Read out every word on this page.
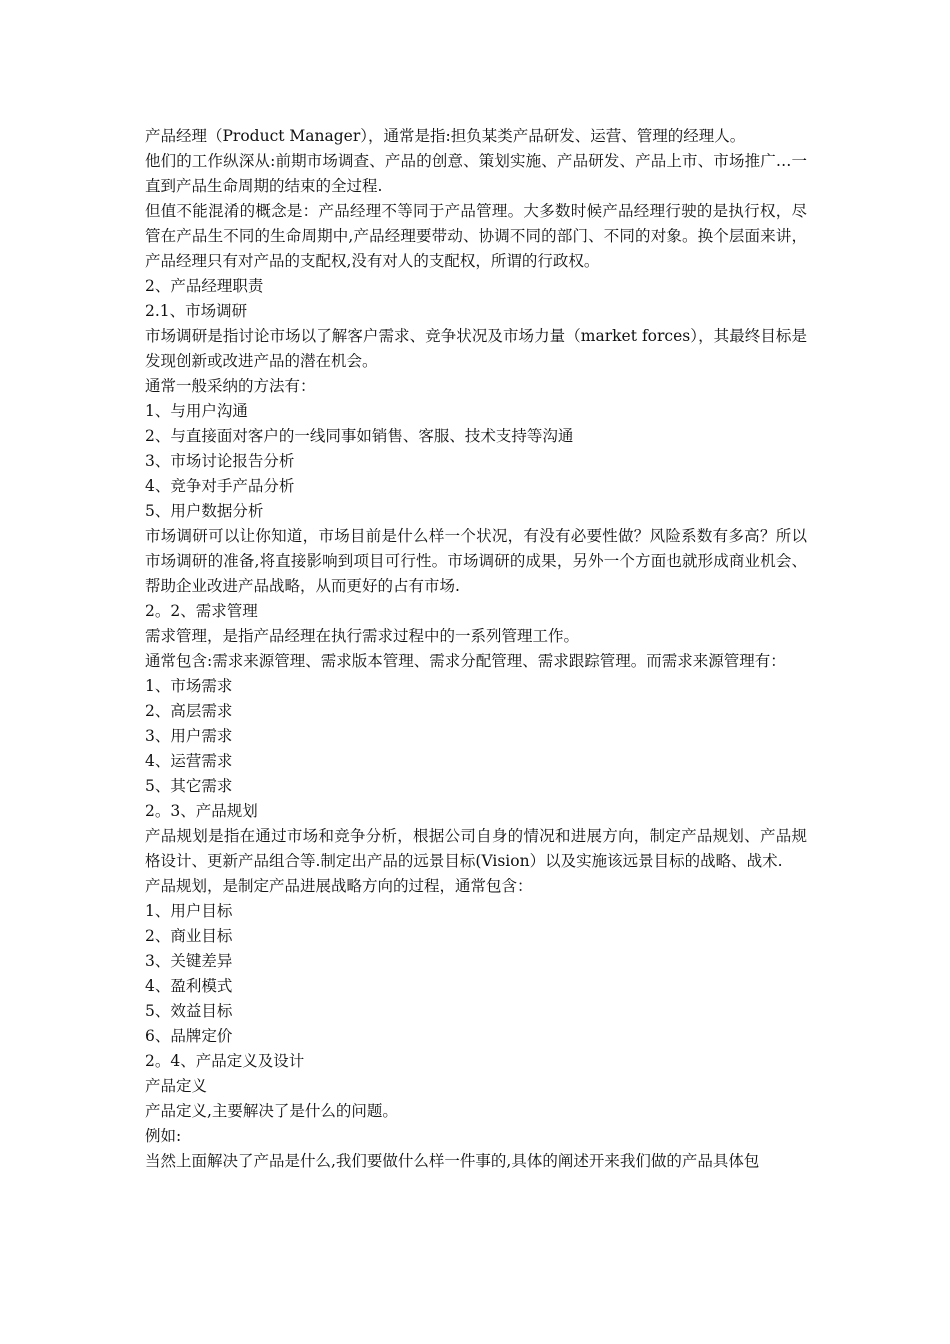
产品经理（Product Manager），通常是指:担负某类产品研发、运营、管理的经理人。

他们的工作纵深从:前期市场调查、产品的创意、策划实施、产品研发、产品上市、市场推广…一直到产品生命周期的结束的全过程.

但值不能混淆的概念是：产品经理不等同于产品管理。大多数时候产品经理行驶的是执行权，尽管在产品生不同的生命周期中,产品经理要带动、协调不同的部门、不同的对象。换个层面来讲，产品经理只有对产品的支配权,没有对人的支配权，所谓的行政权。

2、产品经理职责

2.1、市场调研

市场调研是指讨论市场以了解客户需求、竞争状况及市场力量（market forces），其最终目标是发现创新或改进产品的潜在机会。

通常一般采纳的方法有：

1、与用户沟通

2、与直接面对客户的一线同事如销售、客服、技术支持等沟通

3、市场讨论报告分析

4、竞争对手产品分析

5、用户数据分析

市场调研可以让你知道，市场目前是什么样一个状况，有没有必要性做？风险系数有多高？所以市场调研的准备,将直接影响到项目可行性。市场调研的成果，另外一个方面也就形成商业机会、帮助企业改进产品战略，从而更好的占有市场.

2。2、需求管理

需求管理，是指产品经理在执行需求过程中的一系列管理工作。

通常包含:需求来源管理、需求版本管理、需求分配管理、需求跟踪管理。而需求来源管理有：

1、市场需求

2、高层需求

3、用户需求

4、运营需求

5、其它需求

2。3、产品规划

产品规划是指在通过市场和竞争分析，根据公司自身的情况和进展方向，制定产品规划、产品规格设计、更新产品组合等.制定出产品的远景目标(Vision）以及实施该远景目标的战略、战术.

产品规划，是制定产品进展战略方向的过程，通常包含：

1、用户目标

2、商业目标

3、关键差异

4、盈利模式

5、效益目标

6、品牌定价

2。4、产品定义及设计

产品定义

产品定义,主要解决了是什么的问题。

例如:

当然上面解决了产品是什么,我们要做什么样一件事的,具体的阐述开来我们做的产品具体包
